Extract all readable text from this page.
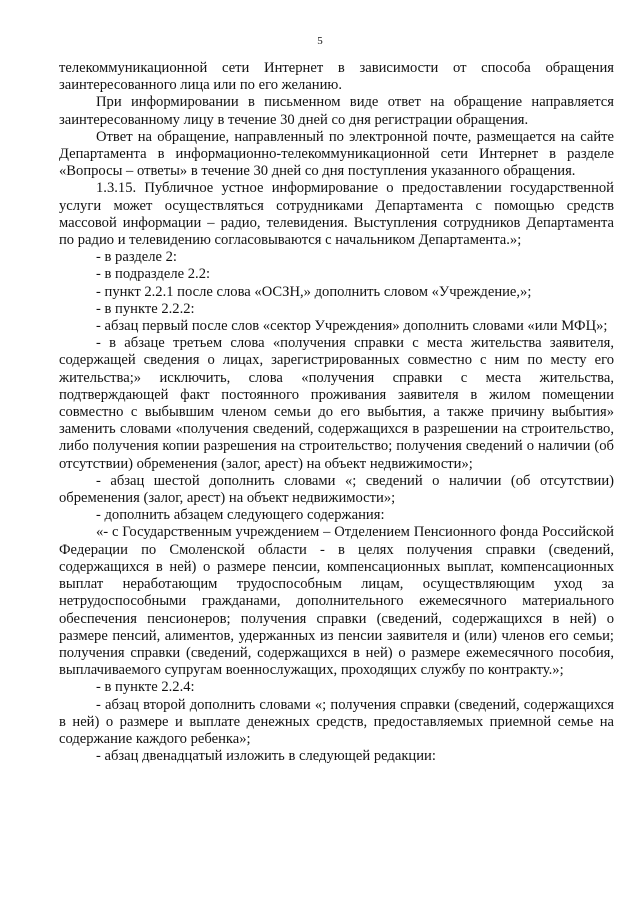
5

телекоммуникационной сети Интернет в зависимости от способа обращения заинтересованного лица или по его желанию.

При информировании в письменном виде ответ на обращение направляется заинтересованному лицу в течение 30 дней со дня регистрации обращения.

Ответ на обращение, направленный по электронной почте, размещается на сайте Департамента в информационно-телекоммуникационной сети Интернет в разделе «Вопросы – ответы» в течение 30 дней со дня поступления указанного обращения.

1.3.15. Публичное устное информирование о предоставлении государственной услуги может осуществляться сотрудниками Департамента с помощью средств массовой информации – радио, телевидения. Выступления сотрудников Департамента по радио и телевидению согласовываются с начальником Департамента.»;

- в разделе 2:

- в подразделе 2.2:

- пункт 2.2.1 после слова «ОСЗН,» дополнить словом «Учреждение,»;

- в пункте 2.2.2:

- абзац первый после слов «сектор Учреждения» дополнить словами «или МФЦ»;

- в абзаце третьем слова «получения справки с места жительства заявителя, содержащей сведения о лицах, зарегистрированных совместно с ним по месту его жительства;» исключить, слова «получения справки с места жительства, подтверждающей факт постоянного проживания заявителя в жилом помещении совместно с выбывшим членом семьи до его выбытия, а также причину выбытия» заменить словами «получения сведений, содержащихся в разрешении на строительство, либо получения копии разрешения на строительство; получения сведений о наличии (об отсутствии) обременения (залог, арест) на объект недвижимости»;

- абзац шестой дополнить словами «; сведений о наличии (об отсутствии) обременения (залог, арест) на объект недвижимости»;

- дополнить абзацем следующего содержания:

«- с Государственным учреждением – Отделением Пенсионного фонда Российской Федерации по Смоленской области - в целях получения справки (сведений, содержащихся в ней) о размере пенсии, компенсационных выплат, компенсационных выплат неработающим трудоспособным лицам, осуществляющим уход за нетрудоспособными гражданами, дополнительного ежемесячного материального обеспечения пенсионеров; получения справки (сведений, содержащихся в ней) о размере пенсий, алиментов, удержанных из пенсии заявителя и (или) членов его семьи; получения справки (сведений, содержащихся в ней) о размере ежемесячного пособия, выплачиваемого супругам военнослужащих, проходящих службу по контракту.»;

- в пункте 2.2.4:

- абзац второй дополнить словами «; получения справки (сведений, содержащихся в ней) о размере и выплате денежных средств, предоставляемых приемной семье на содержание каждого ребенка»;

- абзац двенадцатый изложить в следующей редакции:
